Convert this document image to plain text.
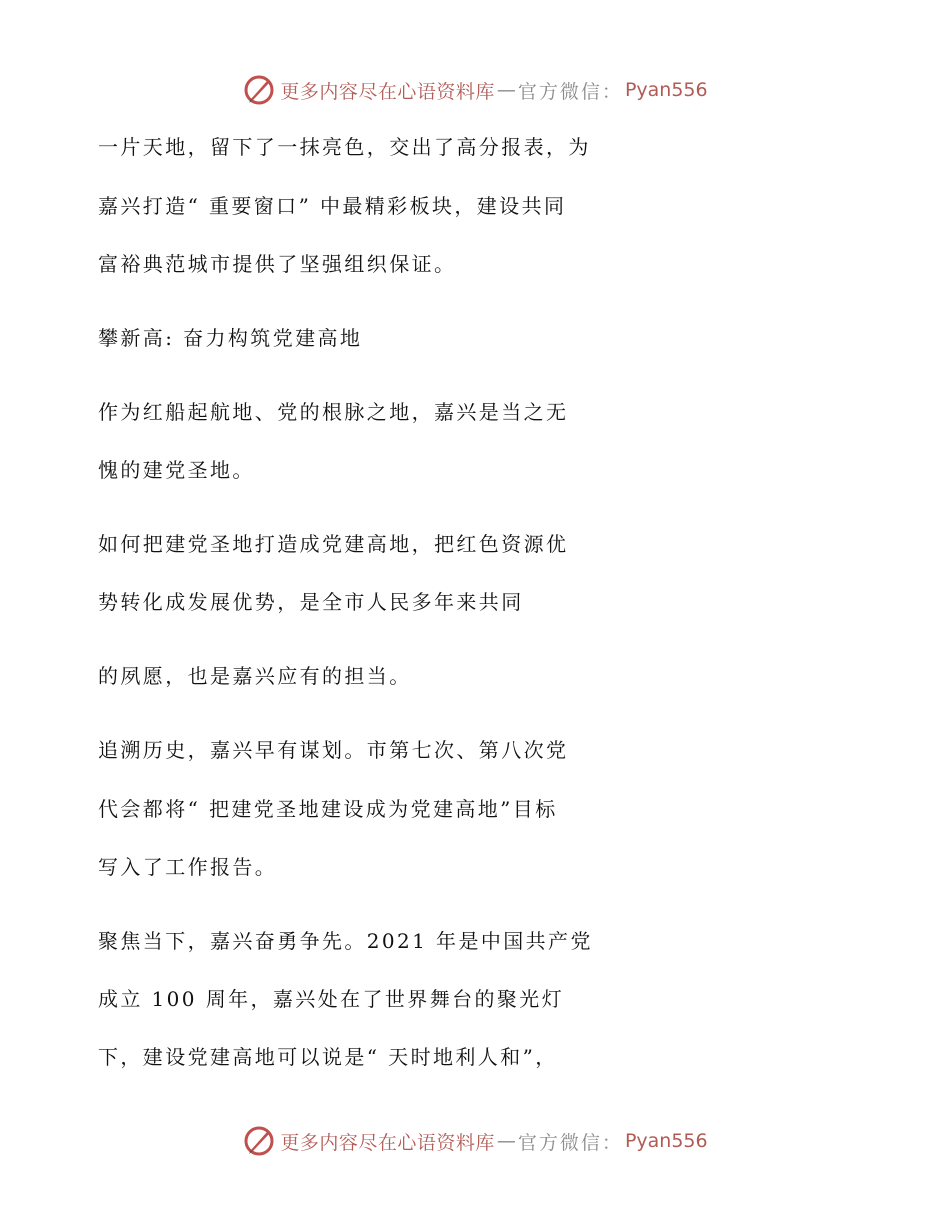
更多内容尽在心语资料库 — 官方微信： Pyan556
一片天地，留下了一抹亮色，交出了高分报表，为
嘉兴打造“ 重要窗口” 中最精彩板块，建设共同
富裕典范城市提供了坚强组织保证。
攀新高: 奋力构筑党建高地
作为红船起航地、党的根脉之地，嘉兴是当之无
愧的建党圣地。
如何把建党圣地打造成党建高地，把红色资源优
势转化成发展优势，是全市人民多年来共同
的夙愿，也是嘉兴应有的担当。
追溯历史，嘉兴早有谋划。市第七次、第八次党
代会都将“ 把建党圣地建设成为党建高地”目标
写入了工作报告。
聚焦当下，嘉兴奋勇争先。2021 年是中国共产党
成立 100 周年，嘉兴处在了世界舞台的聚光灯
下，建设党建高地可以说是“ 天时地利人和”，
更多内容尽在心语资料库 — 官方微信： Pyan556
